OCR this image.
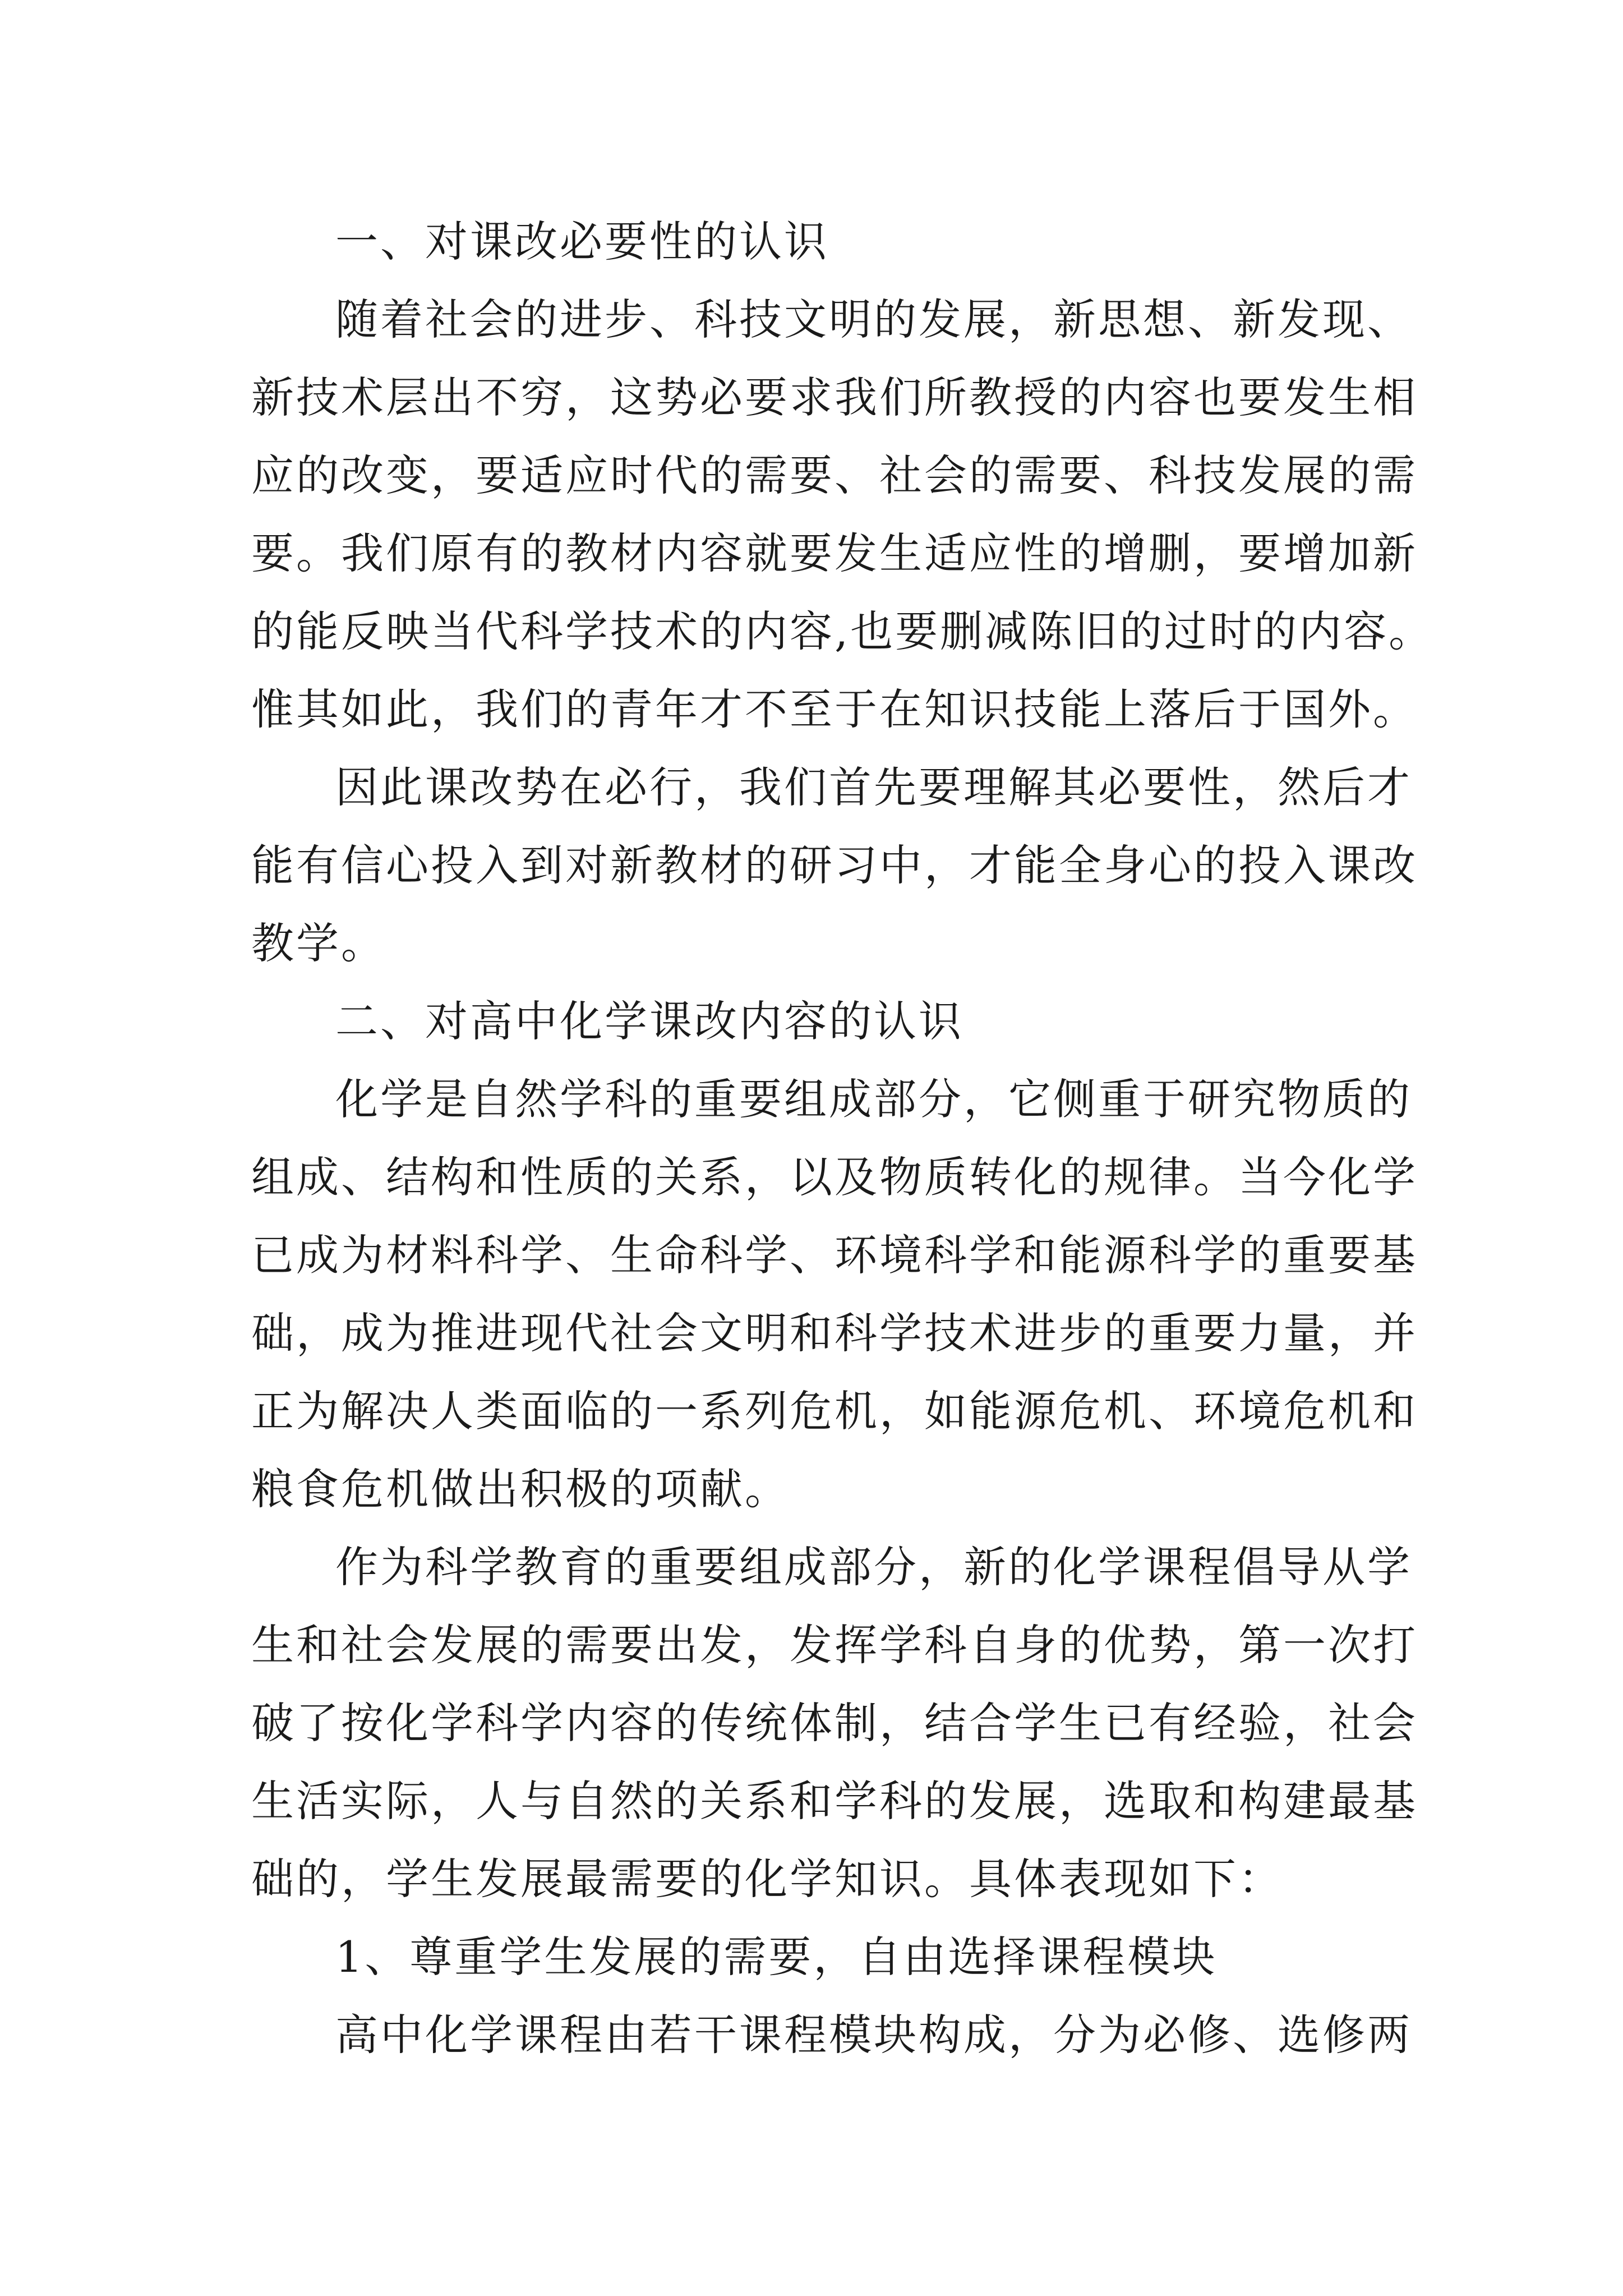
一、对课改必要性的认识
随着社会的进步、科技文明的发展，新思想、新发现、
新技术层出不穷，这势必要求我们所教授的内容也要发生相
应的改变，要适应时代的需要、社会的需要、科技发展的需
要。我们原有的教材内容就要发生适应性的增删，要增加新
的能反映当代科学技术的内容,也要删减陈旧的过时的内容。
惟其如此，我们的青年才不至于在知识技能上落后于国外。
因此课改势在必行，我们首先要理解其必要性，然后才
能有信心投入到对新教材的研习中，才能全身心的投入课改
教学。
二、对高中化学课改内容的认识
化学是自然学科的重要组成部分，它侧重于研究物质的
组成、结构和性质的关系，以及物质转化的规律。当今化学
已成为材料科学、生命科学、环境科学和能源科学的重要基
础，成为推进现代社会文明和科学技术进步的重要力量，并
正为解决人类面临的一系列危机，如能源危机、环境危机和
粮食危机做出积极的项献。
作为科学教育的重要组成部分，新的化学课程倡导从学
生和社会发展的需要出发，发挥学科自身的优势，第一次打
破了按化学科学内容的传统体制，结合学生已有经验，社会
生活实际，人与自然的关系和学科的发展，选取和构建最基
础的，学生发展最需要的化学知识。具体表现如下：
1、尊重学生发展的需要，自由选择课程模块
高中化学课程由若干课程模块构成，分为必修、选修两
